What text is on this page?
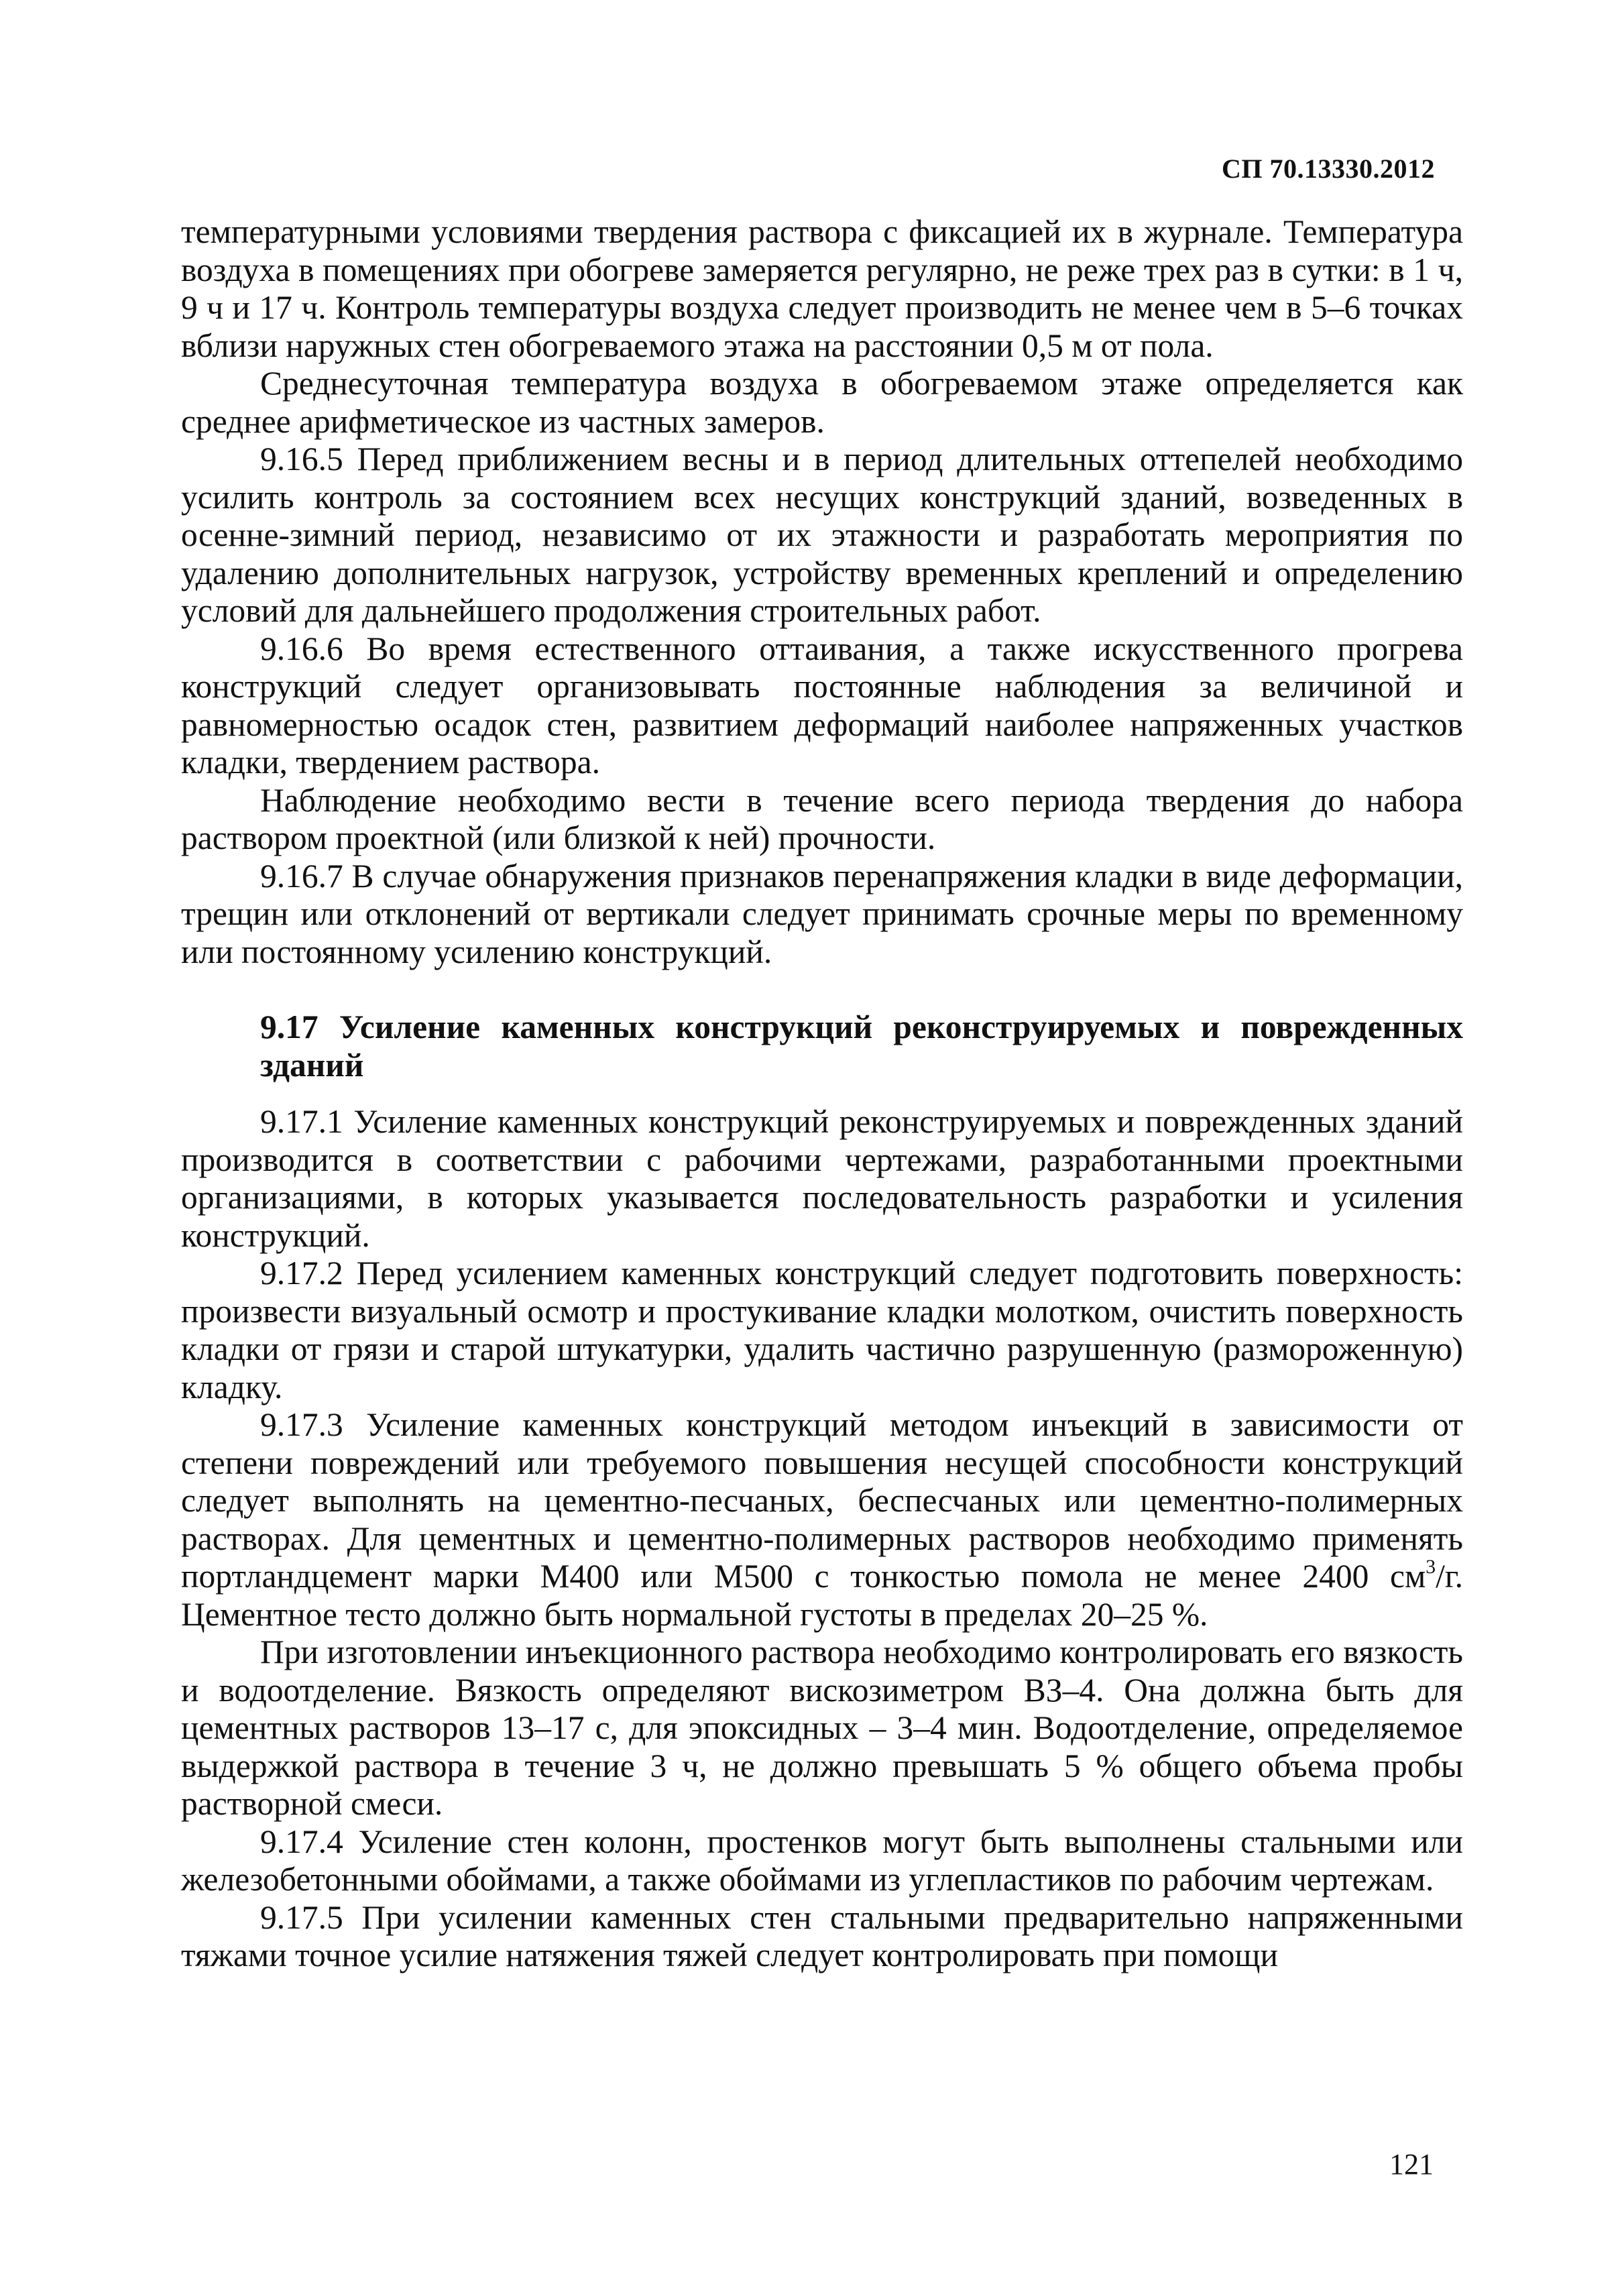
СП 70.13330.2012

температурными условиями твердения раствора с фиксацией их в журнале. Температура воздуха в помещениях при обогреве замеряется регулярно, не реже трех раз в сутки: в 1 ч, 9 ч и 17 ч. Контроль температуры воздуха следует производить не менее чем в 5–6 точках вблизи наружных стен обогреваемого этажа на расстоянии 0,5 м от пола.

Среднесуточная температура воздуха в обогреваемом этаже определяется как среднее арифметическое из частных замеров.

9.16.5 Перед приближением весны и в период длительных оттепелей необходимо усилить контроль за состоянием всех несущих конструкций зданий, возведенных в осенне-зимний период, независимо от их этажности и разработать мероприятия по удалению дополнительных нагрузок, устройству временных креплений и определению условий для дальнейшего продолжения строительных работ.

9.16.6 Во время естественного оттаивания, а также искусственного прогрева конструкций следует организовывать постоянные наблюдения за величиной и равномерностью осадок стен, развитием деформаций наиболее напряженных участков кладки, твердением раствора.

Наблюдение необходимо вести в течение всего периода твердения до набора раствором проектной (или близкой к ней) прочности.

9.16.7 В случае обнаружения признаков перенапряжения кладки в виде деформации, трещин или отклонений от вертикали следует принимать срочные меры по временному или постоянному усилению конструкций.

9.17 Усиление каменных конструкций реконструируемых и поврежденных зданий

9.17.1 Усиление каменных конструкций реконструируемых и поврежденных зданий производится в соответствии с рабочими чертежами, разработанными проектными организациями, в которых указывается последовательность разработки и усиления конструкций.

9.17.2 Перед усилением каменных конструкций следует подготовить поверхность: произвести визуальный осмотр и простукивание кладки молотком, очистить поверхность кладки от грязи и старой штукатурки, удалить частично разрушенную (размороженную) кладку.

9.17.3 Усиление каменных конструкций методом инъекций в зависимости от степени повреждений или требуемого повышения несущей способности конструкций следует выполнять на цементно-песчаных, беспесчаных или цементно-полимерных растворах. Для цементных и цементно-полимерных растворов необходимо применять портландцемент марки М400 или М500 с тонкостью помола не менее 2400 $см^3/г$. Цементное тесто должно быть нормальной густоты в пределах 20–25 %.

При изготовлении инъекционного раствора необходимо контролировать его вязкость и водоотделение. Вязкость определяют вискозиметром ВЗ–4. Она должна быть для цементных растворов 13–17 с, для эпоксидных – 3–4 мин. Водоотделение, определяемое выдержкой раствора в течение 3 ч, не должно превышать 5 % общего объема пробы растворной смеси.

9.17.4 Усиление стен колонн, простенков могут быть выполнены стальными или железобетонными обоймами, а также обоймами из углепластиков по рабочим чертежам.

9.17.5 При усилении каменных стен стальными предварительно напряженными тяжами точное усилие натяжения тяжей следует контролировать при помощи

121
